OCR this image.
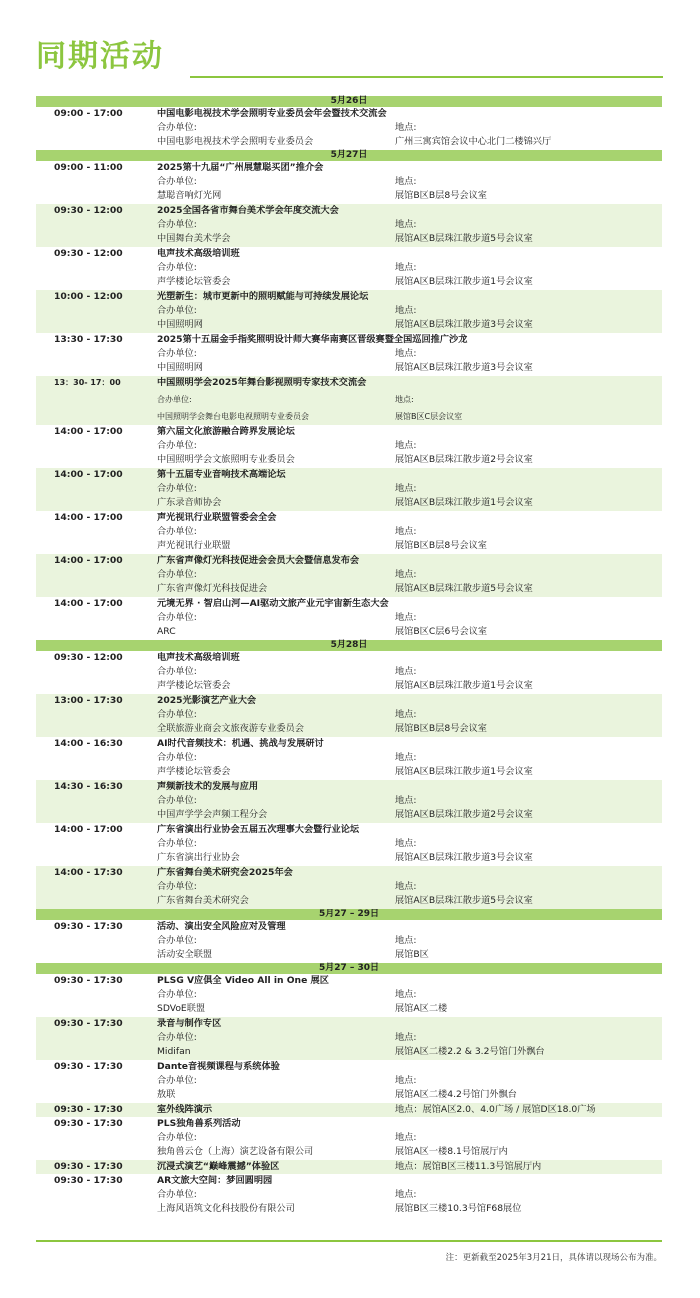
同期活动
5月26日
09:00 - 17:00	中国电影电视技术学会照明专业委员会年会暨技术交流会
合办单位:	地点:
中国电影电视技术学会照明专业委员会	广州三寓宾馆会议中心北门二楼锦兴厅
5月27日
09:00 - 11:00	2025第十九届“广州展慧聪买团”推介会
合办单位:	地点:
慧聪音响灯光网	展馆B区B层8号会议室
09:30 - 12:00	2025全国各省市舞台美术学会年度交流大会
合办单位:	地点:
中国舞台美术学会	展馆A区B层珠江散步道5号会议室
09:30 - 12:00	电声技术高级培训班
合办单位:	地点:
声学楼论坛管委会	展馆A区B层珠江散步道1号会议室
10:00 - 12:00	光塑新生：城市更新中的照明赋能与可持续发展论坛
合办单位:	地点:
中国照明网	展馆A区B层珠江散步道3号会议室
13:30 - 17:30	2025第十五届金手指奖照明设计师大赛华南赛区晋级赛暨全国巡回推广沙龙
合办单位:	地点:
中国照明网	展馆A区B层珠江散步道3号会议室
13：30- 17：00	中国照明学会2025年舞台影视照明专家技术交流会
合办单位:	地点:
中国照明学会舞台电影电视照明专业委员会	展馆B区C层会议室
14:00 - 17:00	第六届文化旅游融合跨界发展论坛
合办单位:	地点:
中国照明学会文旅照明专业委员会	展馆A区B层珠江散步道2号会议室
14:00 - 17:00	第十五届专业音响技术高端论坛
合办单位:	地点:
广东录音师协会	展馆A区B层珠江散步道1号会议室
14:00 - 17:00	声光视讯行业联盟管委会全会
合办单位:	地点:
声光视讯行业联盟	展馆B区B层8号会议室
14:00 - 17:00	广东省声像灯光科技促进会会员大会暨信息发布会
合办单位:	地点:
广东省声像灯光科技促进会	展馆A区B层珠江散步道5号会议室
14:00 - 17:00	元境无界 · 智启山河—AI驱动文旅产业元宇宙新生态大会
合办单位:	地点:
ARC	展馆B区C层6号会议室
5月28日
09:30 - 12:00	电声技术高级培训班
合办单位:	地点:
声学楼论坛管委会	展馆A区B层珠江散步道1号会议室
13:00 - 17:30	2025光影演艺产业大会
合办单位:	地点:
全联旅游业商会文旅夜游专业委员会	展馆B区B层8号会议室
14:00 - 16:30	AI时代音频技术：机遇、挑战与发展研讨
合办单位:	地点:
声学楼论坛管委会	展馆A区B层珠江散步道1号会议室
14:30 - 16:30	声频新技术的发展与应用
合办单位:	地点:
中国声学学会声频工程分会	展馆A区B层珠江散步道2号会议室
14:00 - 17:00	广东省演出行业协会五届五次理事大会暨行业论坛
合办单位:	地点:
广东省演出行业协会	展馆A区B层珠江散步道3号会议室
14:00 - 17:30	广东省舞台美术研究会2025年会
合办单位:	地点:
广东省舞台美术研究会	展馆A区B层珠江散步道5号会议室
5月27 – 29日
09:30 - 17:30	活动、演出安全风险应对及管理
合办单位:	地点:
活动安全联盟	展馆B区
5月27 – 30日
09:30 - 17:30	PLSG V应俱全 Video All in One 展区
合办单位:	地点:
SDVoE联盟	展馆A区二楼
09:30 - 17:30	录音与制作专区
合办单位:	地点:
Midifan	展馆A区二楼2.2 & 3.2号馆门外飘台
09:30 - 17:30	Dante音视频课程与系统体验
合办单位:	地点:
敖联	展馆A区二楼4.2号馆门外飘台
09:30 - 17:30	室外线阵演示	地点：展馆A区2.0、4.0广场 / 展馆D区18.0广场
09:30 - 17:30	PLS独角兽系列活动
合办单位:	地点:
独角兽云仓（上海）演艺设备有限公司	展馆A区一楼8.1号馆展厅内
09:30 - 17:30	沉浸式演艺“巅峰震撼”体验区	地点：展馆B区三楼11.3号馆展厅内
09:30 - 17:30	AR文旅大空间：梦回圆明园
合办单位:	地点:
上海风语筑文化科技股份有限公司	展馆B区三楼10.3号馆F68展位
注：更新截至2025年3月21日，具体请以现场公布为准。
